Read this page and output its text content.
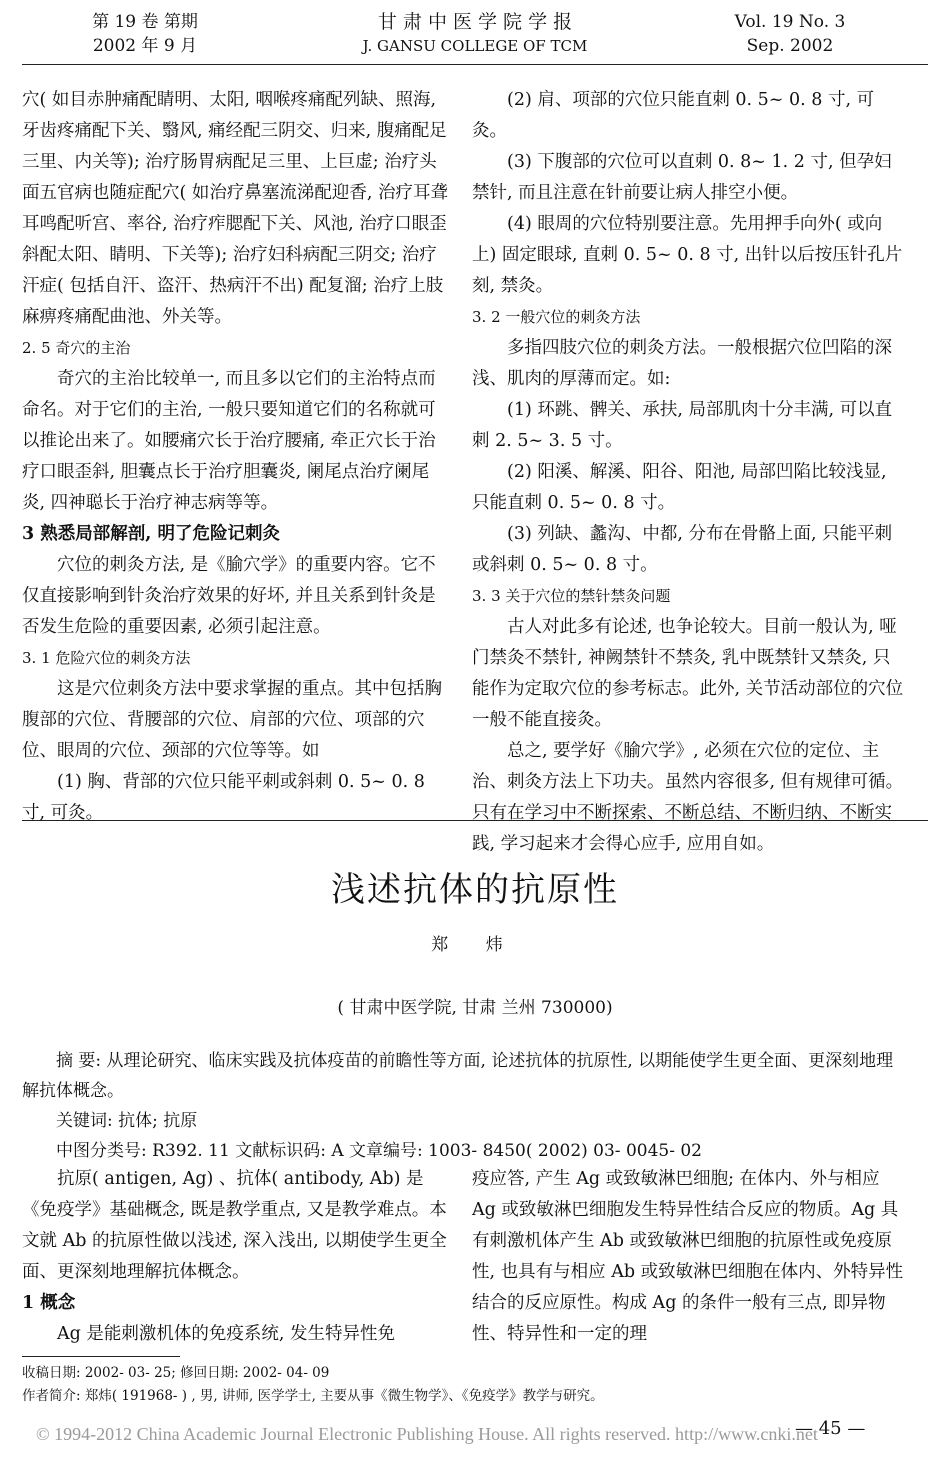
第 19 卷 第期
2002 年 9 月
甘 肃 中 医 学 院 学 报
J. GANSU COLLEGE OF TCM
Vol. 19 No. 3
Sep. 2002

穴( 如目赤肿痛配睛明、太阳, 咽喉疼痛配列缺、照海, 牙齿疼痛配下关、翳风, 痛经配三阴交、归来, 腹痛配足三里、内关等); 治疗肠胃病配足三里、上巨虚; 治疗头面五官病也随症配穴( 如治疗鼻塞流涕配迎香, 治疗耳聋耳鸣配听宫、率谷, 治疗痄腮配下关、风池, 治疗口眼歪斜配太阳、睛明、下关等); 治疗妇科病配三阴交; 治疗汗症( 包括自汗、盗汗、热病汗不出) 配复溜; 治疗上肢麻痹疼痛配曲池、外关等。

2. 5 奇穴的主治

奇穴的主治比较单一, 而且多以它们的主治特点而命名。对于它们的主治, 一般只要知道它们的名称就可以推论出来了。如腰痛穴长于治疗腰痛, 牵正穴长于治疗口眼歪斜, 胆囊点长于治疗胆囊炎, 阑尾点治疗阑尾炎, 四神聪长于治疗神志病等等。

3 熟悉局部解剖, 明了危险记刺灸

穴位的刺灸方法, 是《腧穴学》的重要内容。它不仅直接影响到针灸治疗效果的好坏, 并且关系到针灸是否发生危险的重要因素, 必须引起注意。

3. 1 危险穴位的刺灸方法

这是穴位刺灸方法中要求掌握的重点。其中包括胸腹部的穴位、背腰部的穴位、肩部的穴位、项部的穴位、眼周的穴位、颈部的穴位等等。如

(1) 胸、背部的穴位只能平刺或斜刺 0. 5~ 0. 8 寸, 可灸。

(2) 肩、项部的穴位只能直刺 0. 5~ 0. 8 寸, 可灸。

(3) 下腹部的穴位可以直刺 0. 8~ 1. 2 寸, 但孕妇禁针, 而且注意在针前要让病人排空小便。

(4) 眼周的穴位特别要注意。先用押手向外( 或向上) 固定眼球, 直刺 0. 5~ 0. 8 寸, 出针以后按压针孔片刻, 禁灸。

3. 2 一般穴位的刺灸方法

多指四肢穴位的刺灸方法。一般根据穴位凹陷的深浅、肌肉的厚薄而定。如:

(1) 环跳、髀关、承扶, 局部肌肉十分丰满, 可以直刺 2. 5~ 3. 5 寸。

(2) 阳溪、解溪、阳谷、阳池, 局部凹陷比较浅显, 只能直刺 0. 5~ 0. 8 寸。

(3) 列缺、蠡沟、中都, 分布在骨骼上面, 只能平刺或斜刺 0. 5~ 0. 8 寸。

3. 3 关于穴位的禁针禁灸问题

古人对此多有论述, 也争论较大。目前一般认为, 哑门禁灸不禁针, 神阙禁针不禁灸, 乳中既禁针又禁灸, 只能作为定取穴位的参考标志。此外, 关节活动部位的穴位一般不能直接灸。

总之, 要学好《腧穴学》, 必须在穴位的定位、主治、刺灸方法上下功夫。虽然内容很多, 但有规律可循。只有在学习中不断探索、不断总结、不断归纳、不断实践, 学习起来才会得心应手, 应用自如。

浅述抗体的抗原性
郑 炜
( 甘肃中医学院, 甘肃 兰州 730000)

摘 要: 从理论研究、临床实践及抗体疫苗的前瞻性等方面, 论述抗体的抗原性, 以期能使学生更全面、更深刻地理解抗体概念。

关键词: 抗体; 抗原

中图分类号: R392. 11 文献标识码: A 文章编号: 1003- 8450( 2002) 03- 0045- 02

抗原( antigen, Ag) 、抗体( antibody, Ab) 是《免疫学》基础概念, 既是教学重点, 又是教学难点。本文就 Ab 的抗原性做以浅述, 深入浅出, 以期使学生更全面、更深刻地理解抗体概念。

1 概念

Ag 是能刺激机体的免疫系统, 发生特异性免

疫应答, 产生 Ag 或致敏淋巴细胞; 在体内、外与相应 Ag 或致敏淋巴细胞发生特异性结合反应的物质。Ag 具有刺激机体产生 Ab 或致敏淋巴细胞的抗原性或免疫原性, 也具有与相应 Ab 或致敏淋巴细胞在体内、外特异性结合的反应原性。构成 Ag 的条件一般有三点, 即异物性、特异性和一定的理

收稿日期: 2002- 03- 25; 修回日期: 2002- 04- 09
作者简介: 郑炜( 191968- ) , 男, 讲师, 医学学士, 主要从事《微生物学》、《免疫学》教学与研究。
— 45 —
© 1994-2012 China Academic Journal Electronic Publishing House. All rights reserved. http://www.cnki.net
